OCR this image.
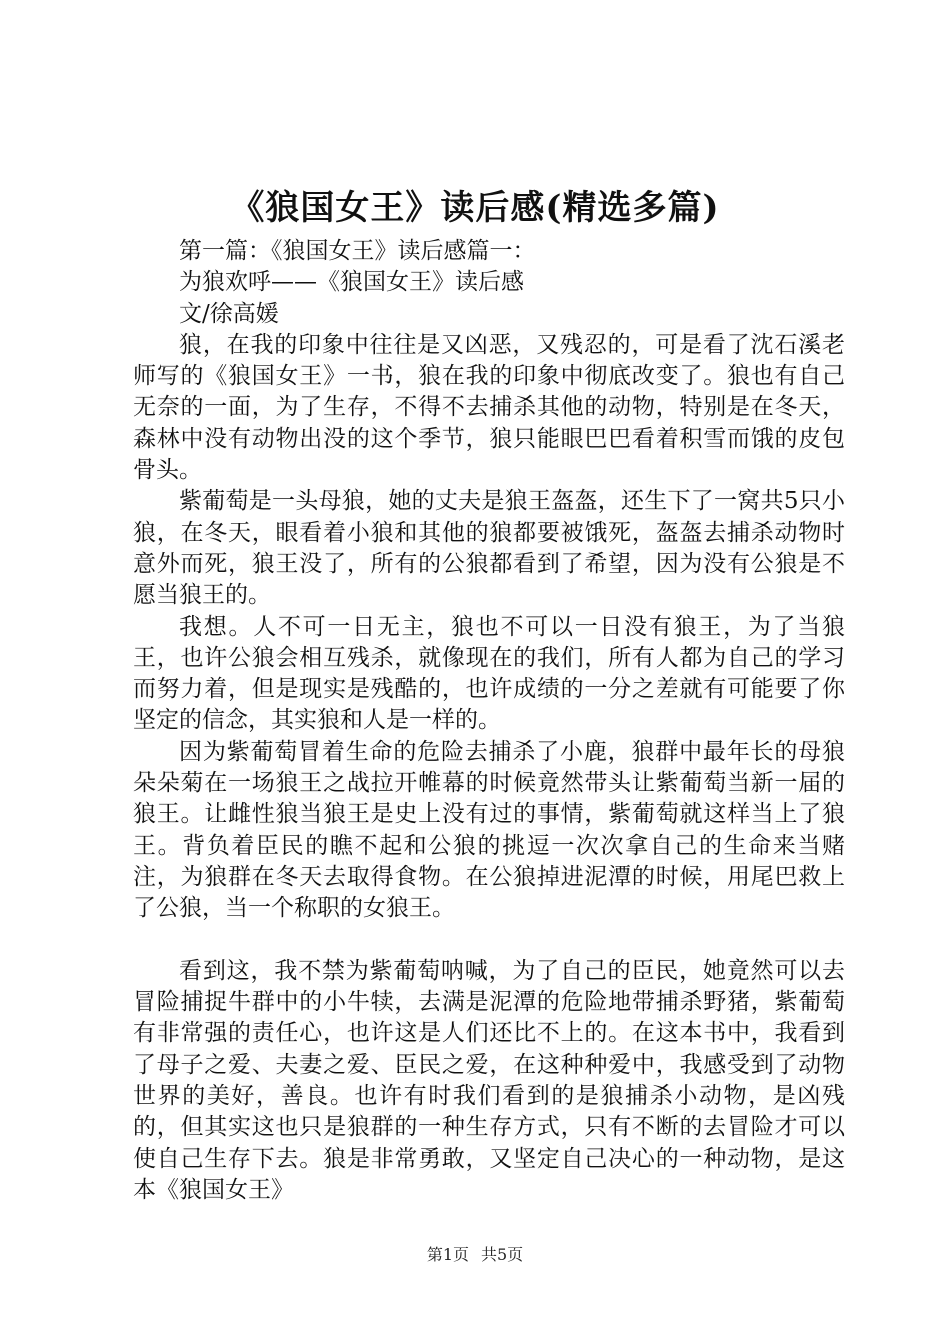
《狼国女王》读后感(精选多篇)

第一篇：《狼国女王》读后感篇一：

为狼欢呼——《狼国女王》读后感

文/徐高媛

狼，在我的印象中往往是又凶恶，又残忍的，可是看了沈石溪老师写的《狼国女王》一书，狼在我的印象中彻底改变了。狼也有自己无奈的一面，为了生存，不得不去捕杀其他的动物，特别是在冬天，森林中没有动物出没的这个季节，狼只能眼巴巴看着积雪而饿的皮包骨头。

紫葡萄是一头母狼，她的丈夫是狼王盔盔，还生下了一窝共5只小狼，在冬天，眼看着小狼和其他的狼都要被饿死，盔盔去捕杀动物时意外而死，狼王没了，所有的公狼都看到了希望，因为没有公狼是不愿当狼王的。

我想。人不可一日无主，狼也不可以一日没有狼王，为了当狼王，也许公狼会相互残杀，就像现在的我们，所有人都为自己的学习而努力着，但是现实是残酷的，也许成绩的一分之差就有可能要了你坚定的信念，其实狼和人是一样的。

因为紫葡萄冒着生命的危险去捕杀了小鹿，狼群中最年长的母狼朵朵菊在一场狼王之战拉开帷幕的时候竟然带头让紫葡萄当新一届的狼王。让雌性狼当狼王是史上没有过的事情，紫葡萄就这样当上了狼王。背负着臣民的瞧不起和公狼的挑逗一次次拿自己的生命来当赌注，为狼群在冬天去取得食物。在公狼掉进泥潭的时候，用尾巴救上了公狼，当一个称职的女狼王。

看到这，我不禁为紫葡萄呐喊，为了自己的臣民，她竟然可以去冒险捕捉牛群中的小牛犊，去满是泥潭的危险地带捕杀野猪，紫葡萄有非常强的责任心，也许这是人们还比不上的。在这本书中，我看到了母子之爱、夫妻之爱、臣民之爱，在这种种爱中，我感受到了动物世界的美好，善良。也许有时我们看到的是狼捕杀小动物，是凶残的，但其实这也只是狼群的一种生存方式，只有不断的去冒险才可以使自己生存下去。狼是非常勇敢，又坚定自己决心的一种动物，是这本《狼国女王》

第1页 共5页
